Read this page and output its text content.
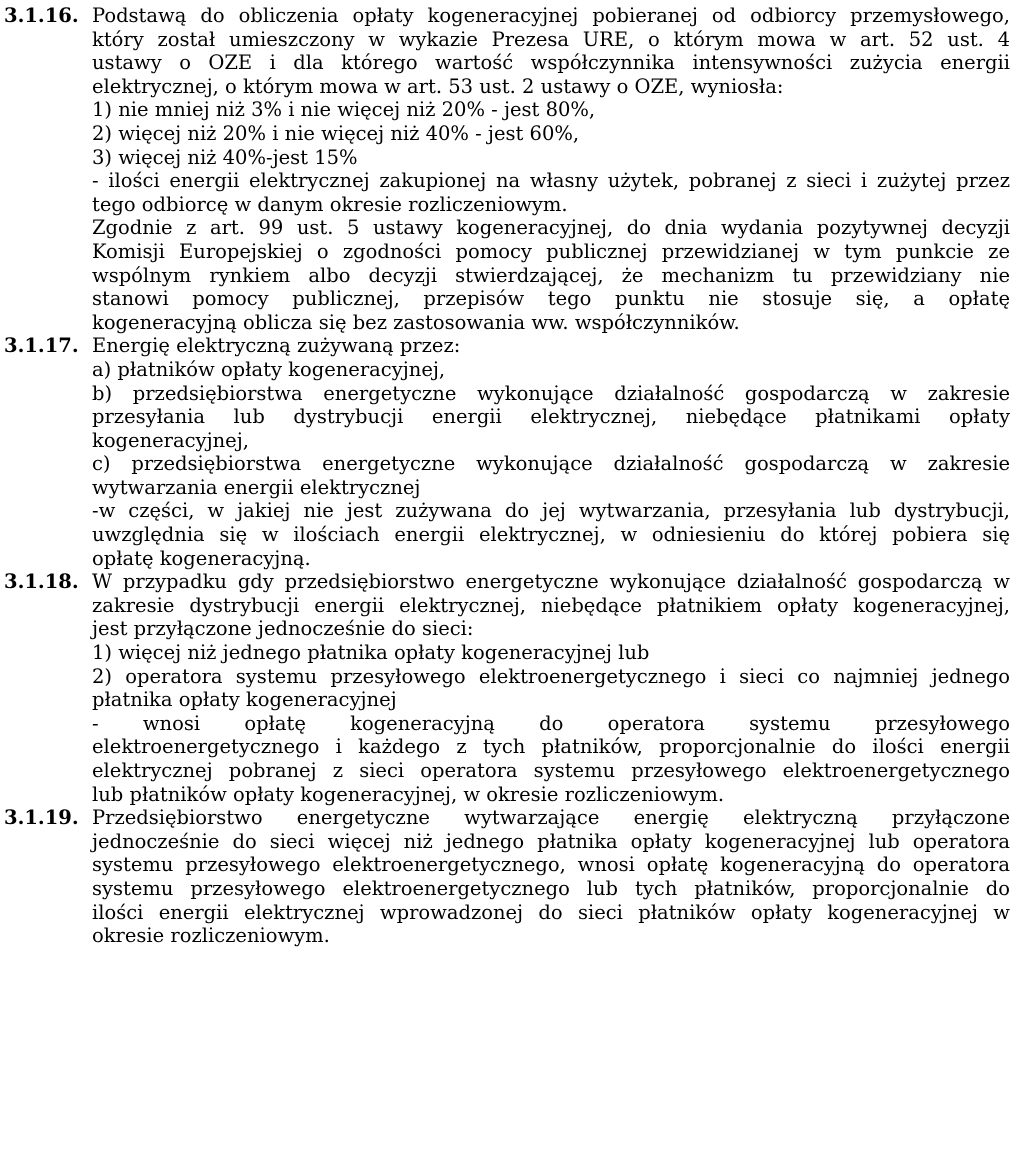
3.1.16. Podstawą do obliczenia opłaty kogeneracyjnej pobieranej od odbiorcy przemysłowego,
który został umieszczony w wykazie Prezesa URE, o którym mowa w art. 52 ust. 4
ustawy o OZE i dla którego wartość współczynnika intensywności zużycia energii
elektrycznej, o którym mowa w art. 53 ust. 2 ustawy o OZE, wyniosła:
1) nie mniej niż 3% i nie więcej niż 20% - jest 80%,
2) więcej niż 20% i nie więcej niż 40% - jest 60%,
3) więcej niż 40%-jest 15%
- ilości energii elektrycznej zakupionej na własny użytek, pobranej z sieci i zużytej przez
tego odbiorcę w danym okresie rozliczeniowym.
Zgodnie z art. 99 ust. 5 ustawy kogeneracyjnej, do dnia wydania pozytywnej decyzji
Komisji Europejskiej o zgodności pomocy publicznej przewidzianej w tym punkcie ze
wspólnym rynkiem albo decyzji stwierdzającej, że mechanizm tu przewidziany nie
stanowi pomocy publicznej, przepisów tego punktu nie stosuje się, a opłatę
kogeneracyjną oblicza się bez zastosowania ww. współczynników.
3.1.17. Energię elektryczną zużywaną przez:
a) płatników opłaty kogeneracyjnej,
b) przedsiębiorstwa energetyczne wykonujące działalność gospodarczą w zakresie
przesyłania lub dystrybucji energii elektrycznej, niebędące płatnikami opłaty
kogeneracyjnej,
c) przedsiębiorstwa energetyczne wykonujące działalność gospodarczą w zakresie
wytwarzania energii elektrycznej
-w części, w jakiej nie jest zużywana do jej wytwarzania, przesyłania lub dystrybucji,
uwzględnia się w ilościach energii elektrycznej, w odniesieniu do której pobiera się
opłatę kogeneracyjną.
3.1.18. W przypadku gdy przedsiębiorstwo energetyczne wykonujące działalność gospodarczą w
zakresie dystrybucji energii elektrycznej, niebędące płatnikiem opłaty kogeneracyjnej,
jest przyłączone jednocześnie do sieci:
1) więcej niż jednego płatnika opłaty kogeneracyjnej lub
2) operatora systemu przesyłowego elektroenergetycznego i sieci co najmniej jednego
płatnika opłaty kogeneracyjnej
- wnosi opłatę kogeneracyjną do operatora systemu przesyłowego
elektroenergetycznego i każdego z tych płatników, proporcjonalnie do ilości energii
elektrycznej pobranej z sieci operatora systemu przesyłowego elektroenergetycznego
lub płatników opłaty kogeneracyjnej, w okresie rozliczeniowym.
3.1.19. Przedsiębiorstwo energetyczne wytwarzające energię elektryczną przyłączone
jednocześnie do sieci więcej niż jednego płatnika opłaty kogeneracyjnej lub operatora
systemu przesyłowego elektroenergetycznego, wnosi opłatę kogeneracyjną do operatora
systemu przesyłowego elektroenergetycznego lub tych płatników, proporcjonalnie do
ilości energii elektrycznej wprowadzonej do sieci płatników opłaty kogeneracyjnej w
okresie rozliczeniowym.
